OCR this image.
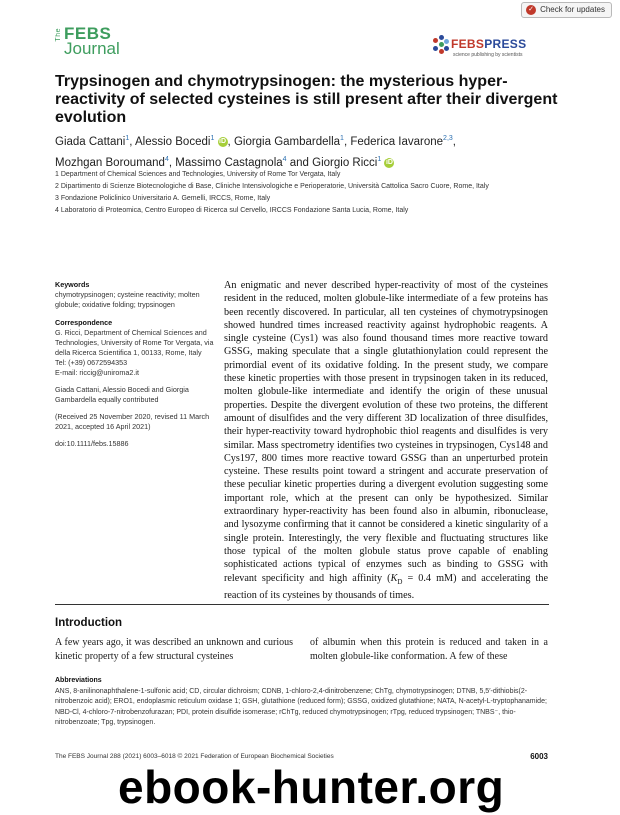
✓ Check for updates
The FEBS
Journal	FEBSPRESS
science publishing by scientists
Trypsinogen and chymotrypsinogen: the mysterious hyper-reactivity of selected cysteines is still present after their divergent evolution
Giada Cattani$^1$, Alessio Bocedi$^1$ iD , Giorgia Gambardella$^1$, Federica Iavarone$^{2,3}$,
Mozhgan Boroumand$^4$, Massimo Castagnola$^4$ and Giorgio Ricci$^1$ iD
1 Department of Chemical Sciences and Technologies, University of Rome Tor Vergata, Italy
2 Dipartimento di Scienze Biotecnologiche di Base, Cliniche Intensivologiche e Perioperatorie, Università Cattolica Sacro Cuore, Rome, Italy
3 Fondazione Policlinico Universitario A. Gemelli, IRCCS, Rome, Italy
4 Laboratorio di Proteomica, Centro Europeo di Ricerca sul Cervello, IRCCS Fondazione Santa Lucia, Rome, Italy
Keywords

chymotrypsinogen; cysteine reactivity; molten globule; oxidative folding; trypsinogen

Correspondence
G. Ricci, Department of Chemical Sciences and Technologies, University of Rome Tor Vergata, via della Ricerca Scientifica 1, 00133, Rome, Italy
Tel: (+39) 0672594353

E-mail: riccig@uniroma2.it

Giada Cattani, Alessio Bocedi and Giorgia Gambardella equally contributed

(Received 25 November 2020, revised 11 March 2021, accepted 16 April 2021)

doi:10.1111/febs.15886

An enigmatic and never described hyper-reactivity of most of the cysteines resident in the reduced, molten globule-like intermediate of a few proteins has been recently discovered. In particular, all ten cysteines of chymotrypsinogen showed hundred times increased reactivity against hydrophobic reagents. A single cysteine (Cys1) was also found thousand times more reactive toward GSSG, making speculate that a single glutathionylation could represent the primordial event of its oxidative folding. In the present study, we compare these kinetic properties with those present in trypsinogen taken in its reduced, molten globule-like intermediate and identify the origin of these unusual properties. Despite the divergent evolution of these two proteins, the different amount of disulfides and the very different 3D localization of three disulfides, their hyper-reactivity toward hydrophobic thiol reagents and disulfides is very similar. Mass spectrometry identifies two cysteines in trypsinogen, Cys148 and Cys197, 800 times more reactive toward GSSG than an unperturbed protein cysteine. These results point toward a stringent and accurate preservation of these peculiar kinetic properties during a divergent evolution suggesting some important role, which at the present can only be hypothesized. Similar extraordinary hyper-reactivity has been found also in albumin, ribonuclease, and lysozyme confirming that it cannot be considered a kinetic singularity of a single protein. Interestingly, the very flexible and fluctuating structures like those typical of the molten globule status prove capable of enabling sophisticated actions typical of enzymes such as binding to GSSG with relevant specificity and high affinity ($K_D = 0.4$ mM) and accelerating the reaction of its cysteines by thousands of times.

Introduction
A few years ago, it was described an unknown and curious kinetic property of a few structural cysteines
of albumin when this protein is reduced and taken in a molten globule-like conformation. A few of these
Abbreviations
ANS, 8-anilinonaphthalene-1-sulfonic acid; CD, circular dichroism; CDNB, 1-chloro-2,4-dinitrobenzene; ChTg, chymotrypsinogen; DTNB, 5,5′-dithiobis(2-nitrobenzoic acid); ERO1, endoplasmic reticulum oxidase 1; GSH, glutathione (reduced form); GSSG, oxidized glutathione; NATA, N-acetyl-L-tryptophanamide; NBD-Cl, 4-chloro-7-nitrobenzofurazan; PDI, protein disulfide isomerase; rChTg, reduced chymotrypsinogen; rTpg, reduced trypsinogen; TNBS⁻, thio-nitrobenzoate; Tpg, trypsinogen.
The FEBS Journal 288 (2021) 6003–6018 © 2021 Federation of European Biochemical Societies	6003
ebook-hunter.org
